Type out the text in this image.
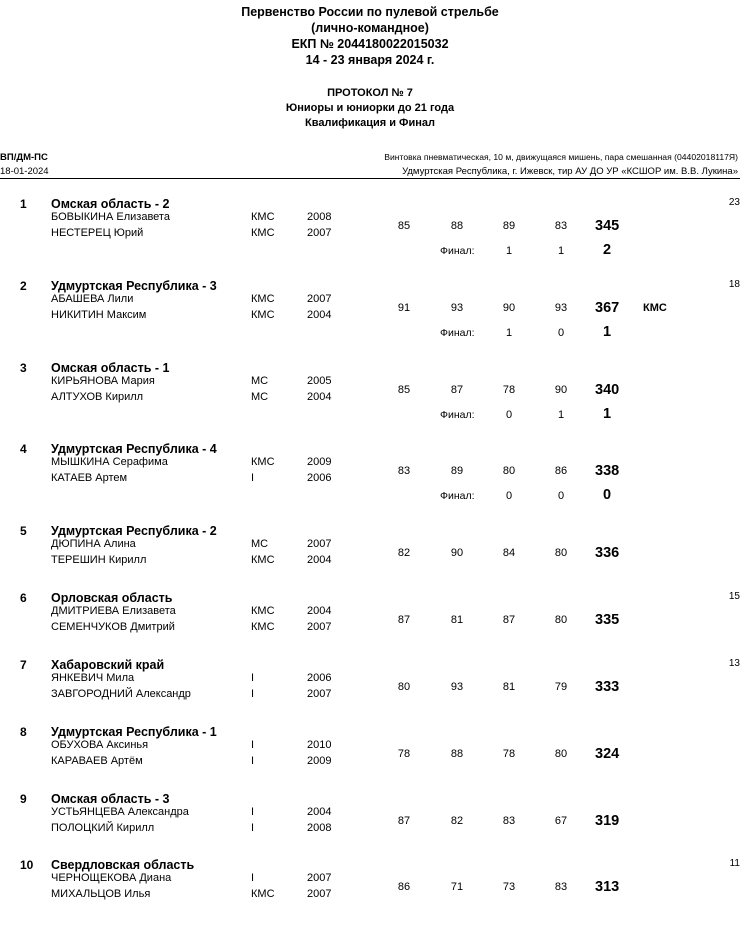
Первенство России по пулевой стрельбе
(лично-командное)
ЕКП № 2044180022015032
14 - 23 января 2024 г.
ПРОТОКОЛ № 7
Юниоры и юниорки до 21 года
Квалификация и Финал
ВП/ДМ-ПС
18-01-2024
Винтовка пневматическая, 10 м, движущаяся мишень, пара смешанная (04402018117Я)
Удмуртская Республика, г. Ижевск, тир АУ ДО УР «КСШОР им. В.В. Лукина»
1 Омская область - 2	23
БОВЫКИНА Елизавета	КМС	2008
НЕСТЕРЕЦ Юрий	КМС	2007
85	88	89	83	345
Финал:	1	1	2
2 Удмуртская Республика - 3	18
АБАШЕВА Лили	КМС	2007
НИКИТИН Максим	КМС	2004
91	93	90	93	367 КМС
Финал:	1	0	1
3 Омская область - 1
КИРЬЯНОВА Мария	МС	2005
АЛТУХОВ Кирилл	МС	2004
85	87	78	90	340
Финал:	0	1	1
4 Удмуртская Республика - 4
МЫШКИНА Серафима	КМС	2009
КАТАЕВ Артем	I	2006
83	89	80	86	338
Финал:	0	0	0
5 Удмуртская Республика - 2
ДЮПИНА Алина	МС	2007
ТЕРЕШИН Кирилл	КМС	2004
82	90	84	80	336
6 Орловская область	15
ДМИТРИЕВА Елизавета	КМС	2004
СЕМЕНЧУКОВ Дмитрий	КМС	2007
87	81	87	80	335
7 Хабаровский край	13
ЯНКЕВИЧ Мила	I	2006
ЗАВГОРОДНИЙ Александр	I	2007
80	93	81	79	333
8 Удмуртская Республика - 1
ОБУХОВА Аксинья	I	2010
КАРАВАЕВ Артём	I	2009
78	88	78	80	324
9 Омская область - 3
УСТЬЯНЦЕВА Александра	I	2004
ПОЛОЦКИЙ Кирилл	I	2008
87	82	83	67	319
10 Свердловская область	11
ЧЕРНОЩЕКОВА Диана	I	2007
МИХАЛЬЦОВ Илья	КМС	2007
86	71	73	83	313
